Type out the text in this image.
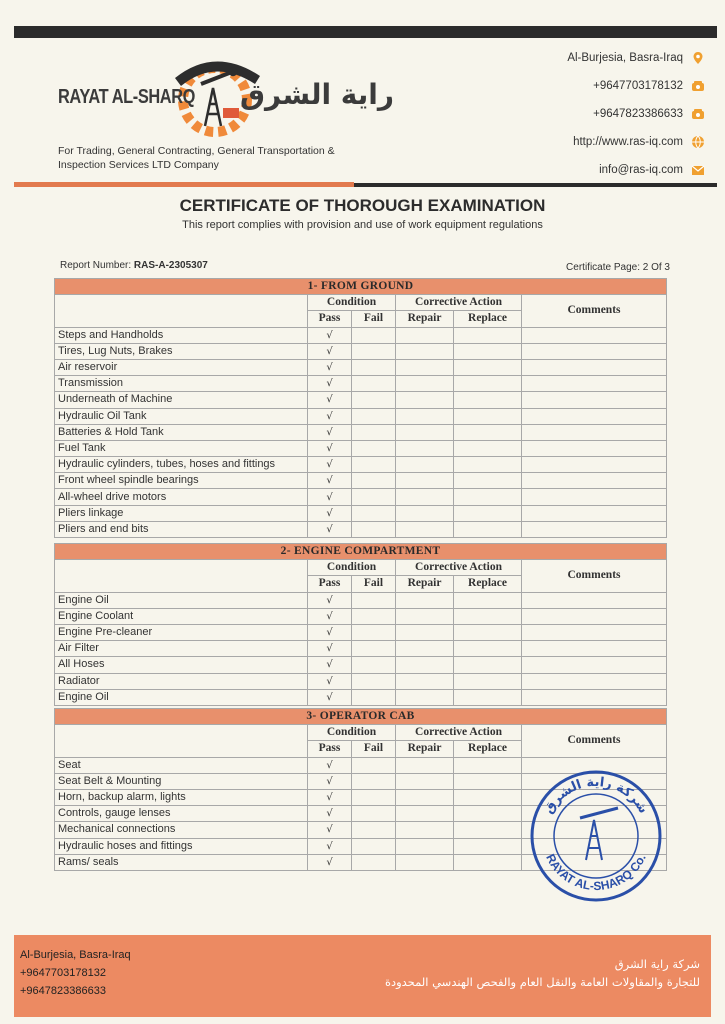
RAYAT AL-SHARQ راية الشرق
For Trading, General Contracting, General Transportation & Inspection Services LTD Company
Al-Burjesia, Basra-Iraq
+9647703178132
+9647823386633
http://www.ras-iq.com
info@ras-iq.com
CERTIFICATE OF THOROUGH EXAMINATION
This report complies with provision and use of work equipment regulations
Report Number: RAS-A-2305307	Certificate Page: 2 Of 3
1- FROM GROUND					
	Condition		Corrective Action		Comments
	Pass	Fail	Repair	Replace	
Steps and Handholds	√				
Tires, Lug Nuts, Brakes	√				
Air reservoir	√				
Transmission	√				
Underneath of Machine	√				
Hydraulic Oil Tank	√				
Batteries & Hold Tank	√				
Fuel Tank	√				
Hydraulic cylinders, tubes, hoses and fittings	√				
Front wheel spindle bearings	√				
All-wheel drive motors	√				
Pliers linkage	√				
Pliers and end bits	√				
2- ENGINE COMPARTMENT					
	Condition		Corrective Action		Comments
	Pass	Fail	Repair	Replace	
Engine Oil	√				
Engine Coolant	√				
Engine Pre-cleaner	√				
Air Filter	√				
All Hoses	√				
Radiator	√				
Engine Oil	√				
3- OPERATOR CAB					
	Condition		Corrective Action		Comments
	Pass	Fail	Repair	Replace	
Seat	√				
Seat Belt & Mounting	√				
Horn, backup alarm, lights	√				
Controls, gauge lenses	√				
Mechanical connections	√				
Hydraulic hoses and fittings	√				
Rams/ seals	√				
شركة راية الشرق
RAYAT AL-SHARQ Co.
Al-Burjesia, Basra-Iraq
+9647703178132
+9647823386633
شركة راية الشرق
للتجارة والمقاولات العامة والنقل العام والفحص الهندسي المحدودة
